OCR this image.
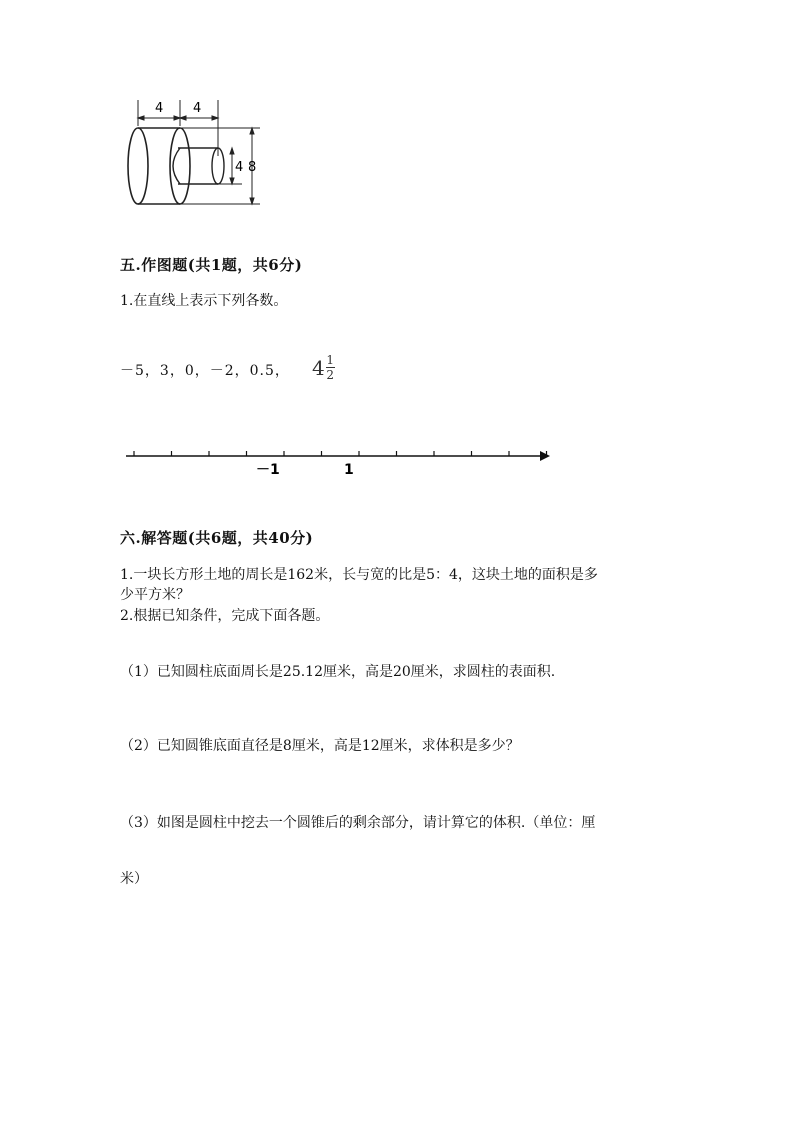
4 4
4 8
五.作图题(共1题，共6分)
1.在直线上表示下列各数。
－5，3，0，－2，0.5， $4 \frac{1}{2}$
－1	1
六.解答题(共6题，共40分)
1.一块长方形土地的周长是162米，长与宽的比是5：4，这块土地的面积是多
少平方米？
2.根据已知条件，完成下面各题。
（1）已知圆柱底面周长是25.12厘米，高是20厘米，求圆柱的表面积.
（2）已知圆锥底面直径是8厘米，高是12厘米，求体积是多少？
（3）如图是圆柱中挖去一个圆锥后的剩余部分，请计算它的体积.（单位：厘
米）
